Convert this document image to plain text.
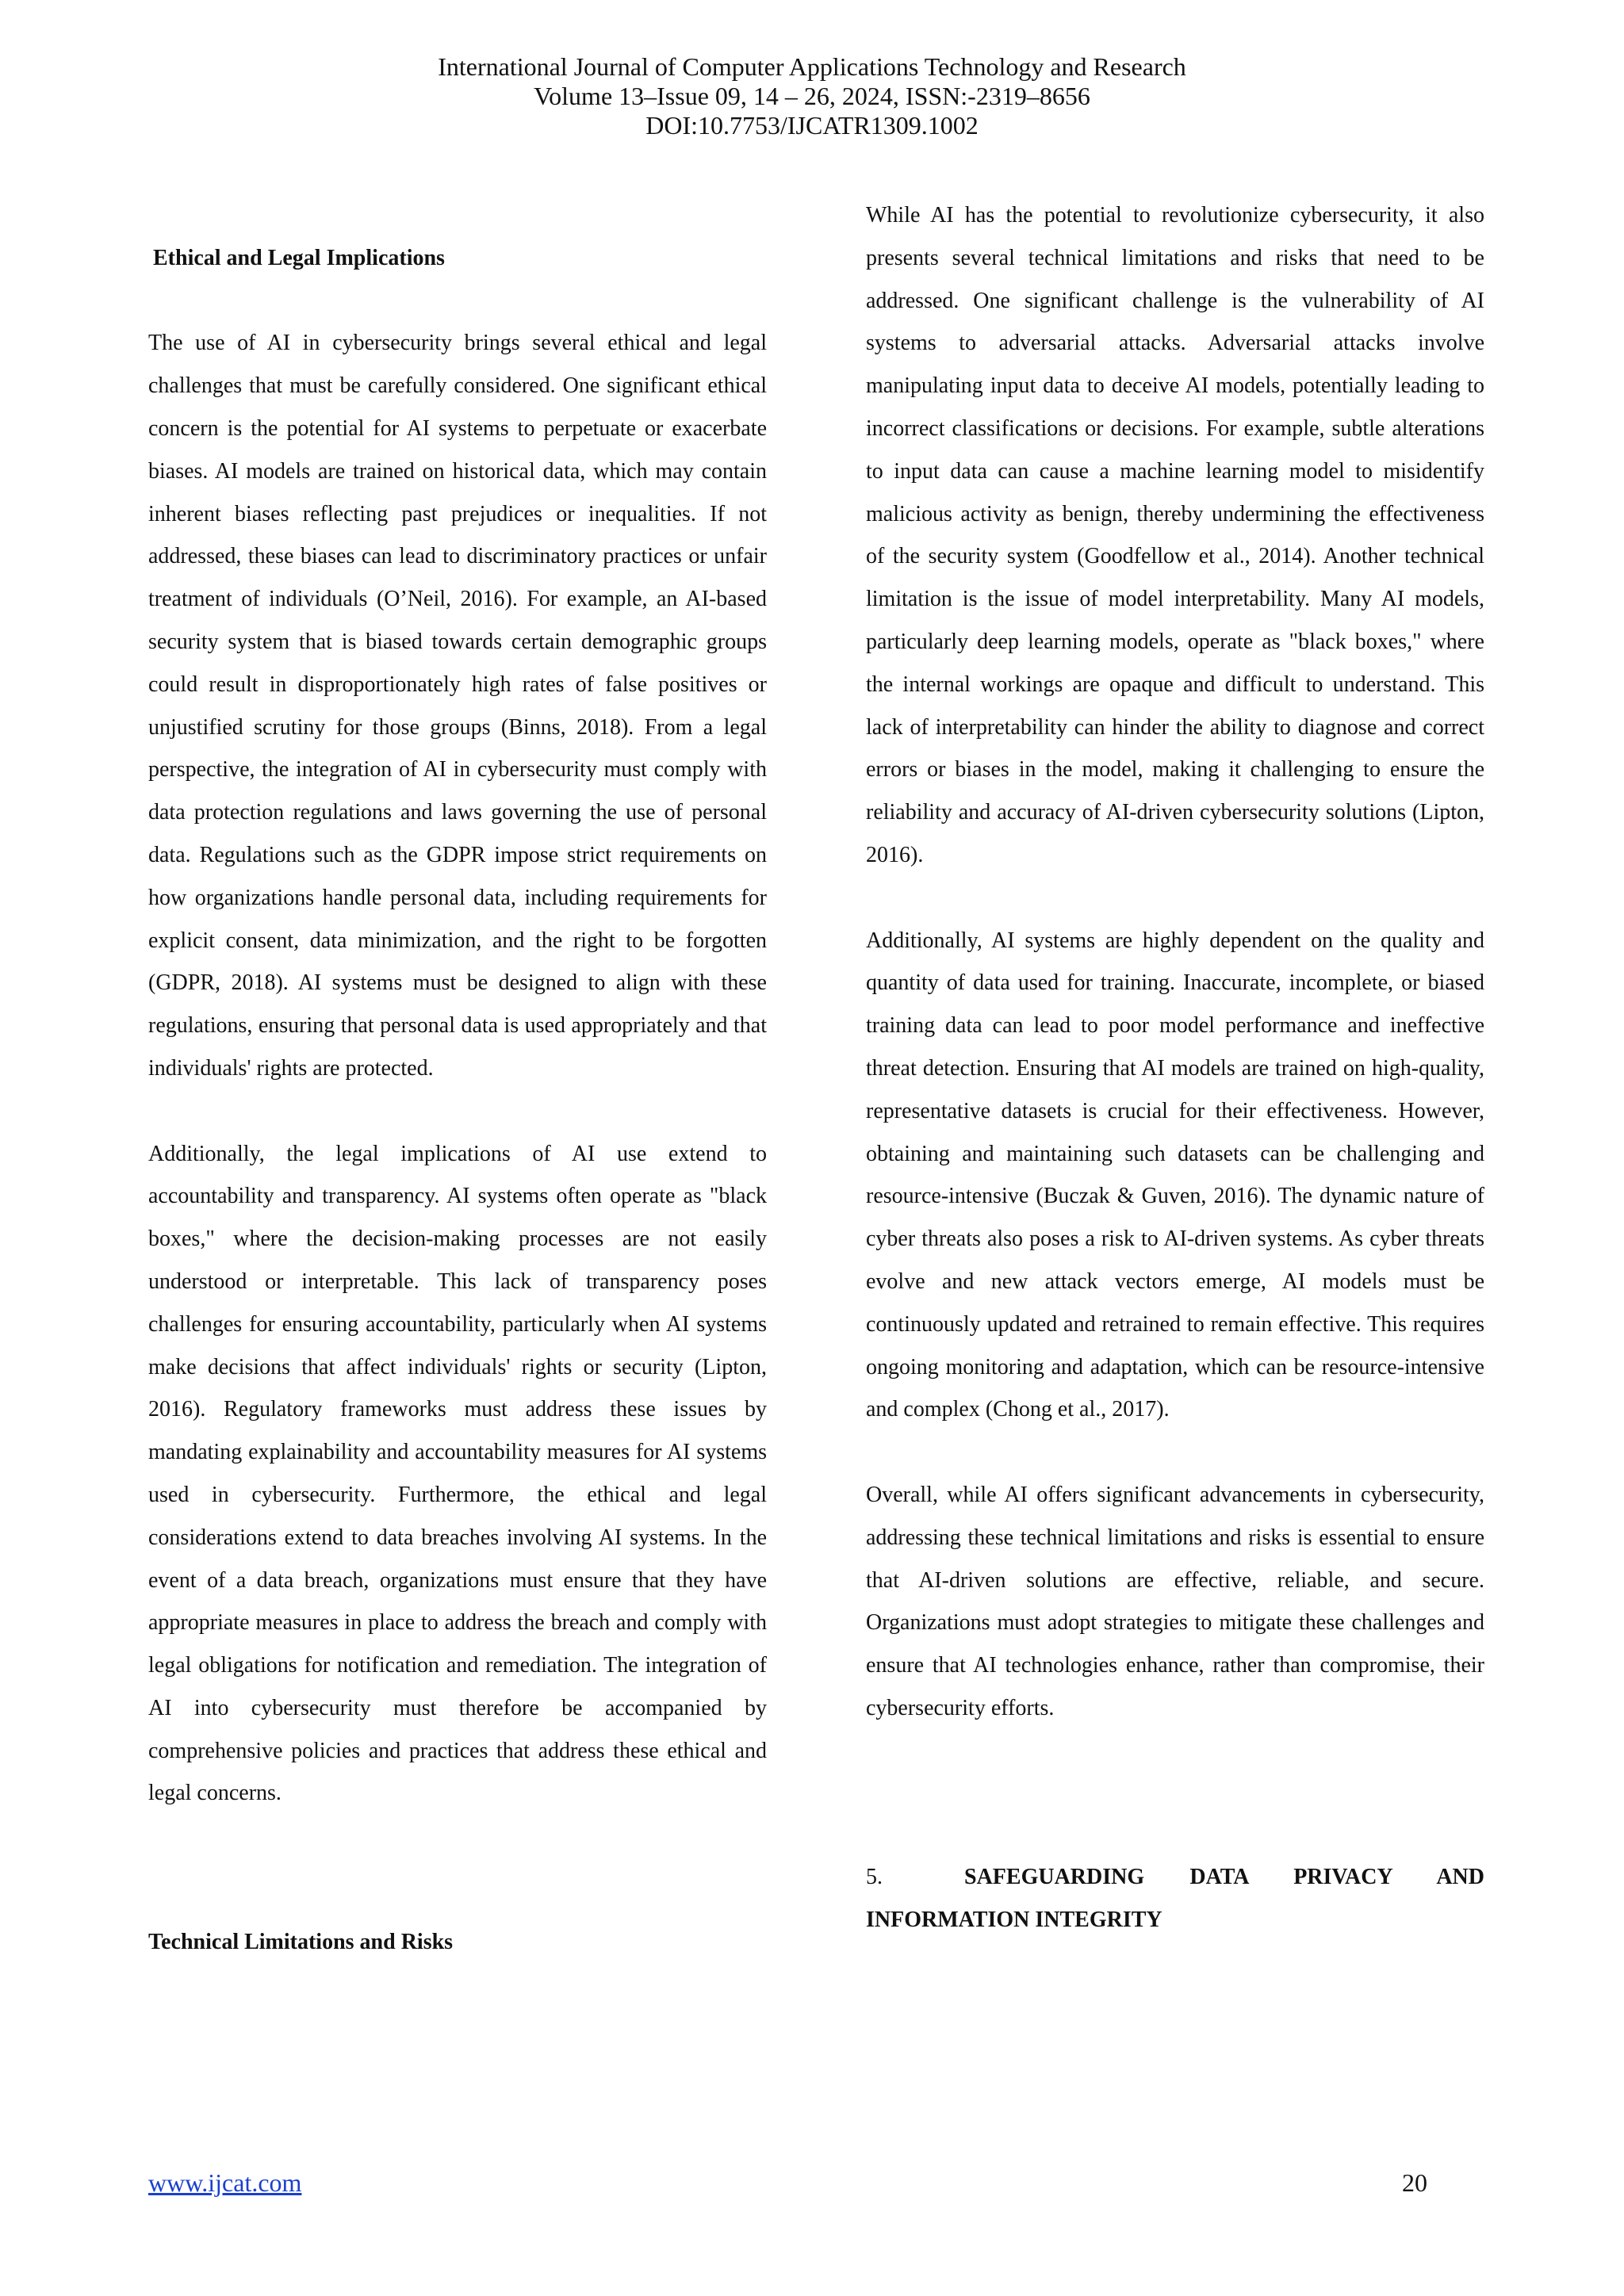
International Journal of Computer Applications Technology and Research
Volume 13–Issue 09, 14 – 26, 2024, ISSN:-2319–8656
DOI:10.7753/IJCATR1309.1002

Ethical and Legal Implications

The use of AI in cybersecurity brings several ethical and legal challenges that must be carefully considered. One significant ethical concern is the potential for AI systems to perpetuate or exacerbate biases. AI models are trained on historical data, which may contain inherent biases reflecting past prejudices or inequalities. If not addressed, these biases can lead to discriminatory practices or unfair treatment of individuals (O’Neil, 2016). For example, an AI-based security system that is biased towards certain demographic groups could result in disproportionately high rates of false positives or unjustified scrutiny for those groups (Binns, 2018). From a legal perspective, the integration of AI in cybersecurity must comply with data protection regulations and laws governing the use of personal data. Regulations such as the GDPR impose strict requirements on how organizations handle personal data, including requirements for explicit consent, data minimization, and the right to be forgotten (GDPR, 2018). AI systems must be designed to align with these regulations, ensuring that personal data is used appropriately and that individuals' rights are protected.

Additionally, the legal implications of AI use extend to accountability and transparency. AI systems often operate as "black boxes," where the decision-making processes are not easily understood or interpretable. This lack of transparency poses challenges for ensuring accountability, particularly when AI systems make decisions that affect individuals' rights or security (Lipton, 2016). Regulatory frameworks must address these issues by mandating explainability and accountability measures for AI systems used in cybersecurity. Furthermore, the ethical and legal considerations extend to data breaches involving AI systems. In the event of a data breach, organizations must ensure that they have appropriate measures in place to address the breach and comply with legal obligations for notification and remediation. The integration of AI into cybersecurity must therefore be accompanied by comprehensive policies and practices that address these ethical and legal concerns.

Technical Limitations and Risks

While AI has the potential to revolutionize cybersecurity, it also presents several technical limitations and risks that need to be addressed. One significant challenge is the vulnerability of AI systems to adversarial attacks. Adversarial attacks involve manipulating input data to deceive AI models, potentially leading to incorrect classifications or decisions. For example, subtle alterations to input data can cause a machine learning model to misidentify malicious activity as benign, thereby undermining the effectiveness of the security system (Goodfellow et al., 2014). Another technical limitation is the issue of model interpretability. Many AI models, particularly deep learning models, operate as "black boxes," where the internal workings are opaque and difficult to understand. This lack of interpretability can hinder the ability to diagnose and correct errors or biases in the model, making it challenging to ensure the reliability and accuracy of AI-driven cybersecurity solutions (Lipton, 2016).

Additionally, AI systems are highly dependent on the quality and quantity of data used for training. Inaccurate, incomplete, or biased training data can lead to poor model performance and ineffective threat detection. Ensuring that AI models are trained on high-quality, representative datasets is crucial for their effectiveness. However, obtaining and maintaining such datasets can be challenging and resource-intensive (Buczak & Guven, 2016). The dynamic nature of cyber threats also poses a risk to AI-driven systems. As cyber threats evolve and new attack vectors emerge, AI models must be continuously updated and retrained to remain effective. This requires ongoing monitoring and adaptation, which can be resource-intensive and complex (Chong et al., 2017).

Overall, while AI offers significant advancements in cybersecurity, addressing these technical limitations and risks is essential to ensure that AI-driven solutions are effective, reliable, and secure. Organizations must adopt strategies to mitigate these challenges and ensure that AI technologies enhance, rather than compromise, their cybersecurity efforts.

5.	SAFEGUARDING DATA PRIVACY AND

INFORMATION INTEGRITY

www.ijcat.com	20
